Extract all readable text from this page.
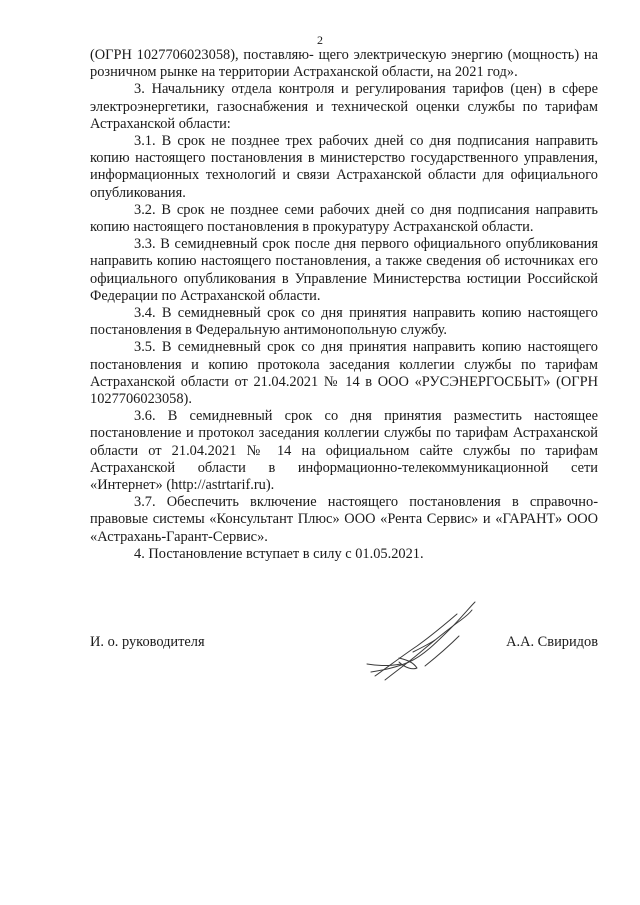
2

(ОГРН 1027706023058), поставляю- щего электрическую энергию (мощность) на розничном рынке на территории Астраханской области, на 2021 год».

3. Начальнику отдела контроля и регулирования тарифов (цен) в сфере электроэнергетики, газоснабжения и технической оценки службы по тарифам Астраханской области:

3.1. В срок не позднее трех рабочих дней со дня подписания направить копию настоящего постановления в министерство государственного управления, информационных технологий и связи Астраханской области для официального опубликования.

3.2. В срок не позднее семи рабочих дней со дня подписания направить копию настоящего постановления в прокуратуру Астраханской области.

3.3. В семидневный срок после дня первого официального опубликования направить копию настоящего постановления, а также сведения об источниках его официального опубликования в Управление Министерства юстиции Российской Федерации по Астраханской области.

3.4. В семидневный срок со дня принятия направить копию настоящего постановления в Федеральную антимонопольную службу.

3.5. В семидневный срок со дня принятия направить копию настоящего постановления и копию протокола заседания коллегии службы по тарифам Астраханской области от 21.04.2021 № 14 в ООО «РУСЭНЕРГОСБЫТ» (ОГРН 1027706023058).

3.6. В семидневный срок со дня принятия разместить настоящее постановление и протокол заседания коллегии службы по тарифам Астраханской области от 21.04.2021 № 14 на официальном сайте службы по тарифам Астраханской области в информационно-телекоммуникационной сети «Интернет» (http://astrtarif.ru).

3.7. Обеспечить включение настоящего постановления в справочно-правовые системы «Консультант Плюс» ООО «Рента Сервис» и «ГАРАНТ» ООО «Астрахань-Гарант-Сервис».

4. Постановление вступает в силу с 01.05.2021.

И. о. руководителя	А.А. Свиридов
